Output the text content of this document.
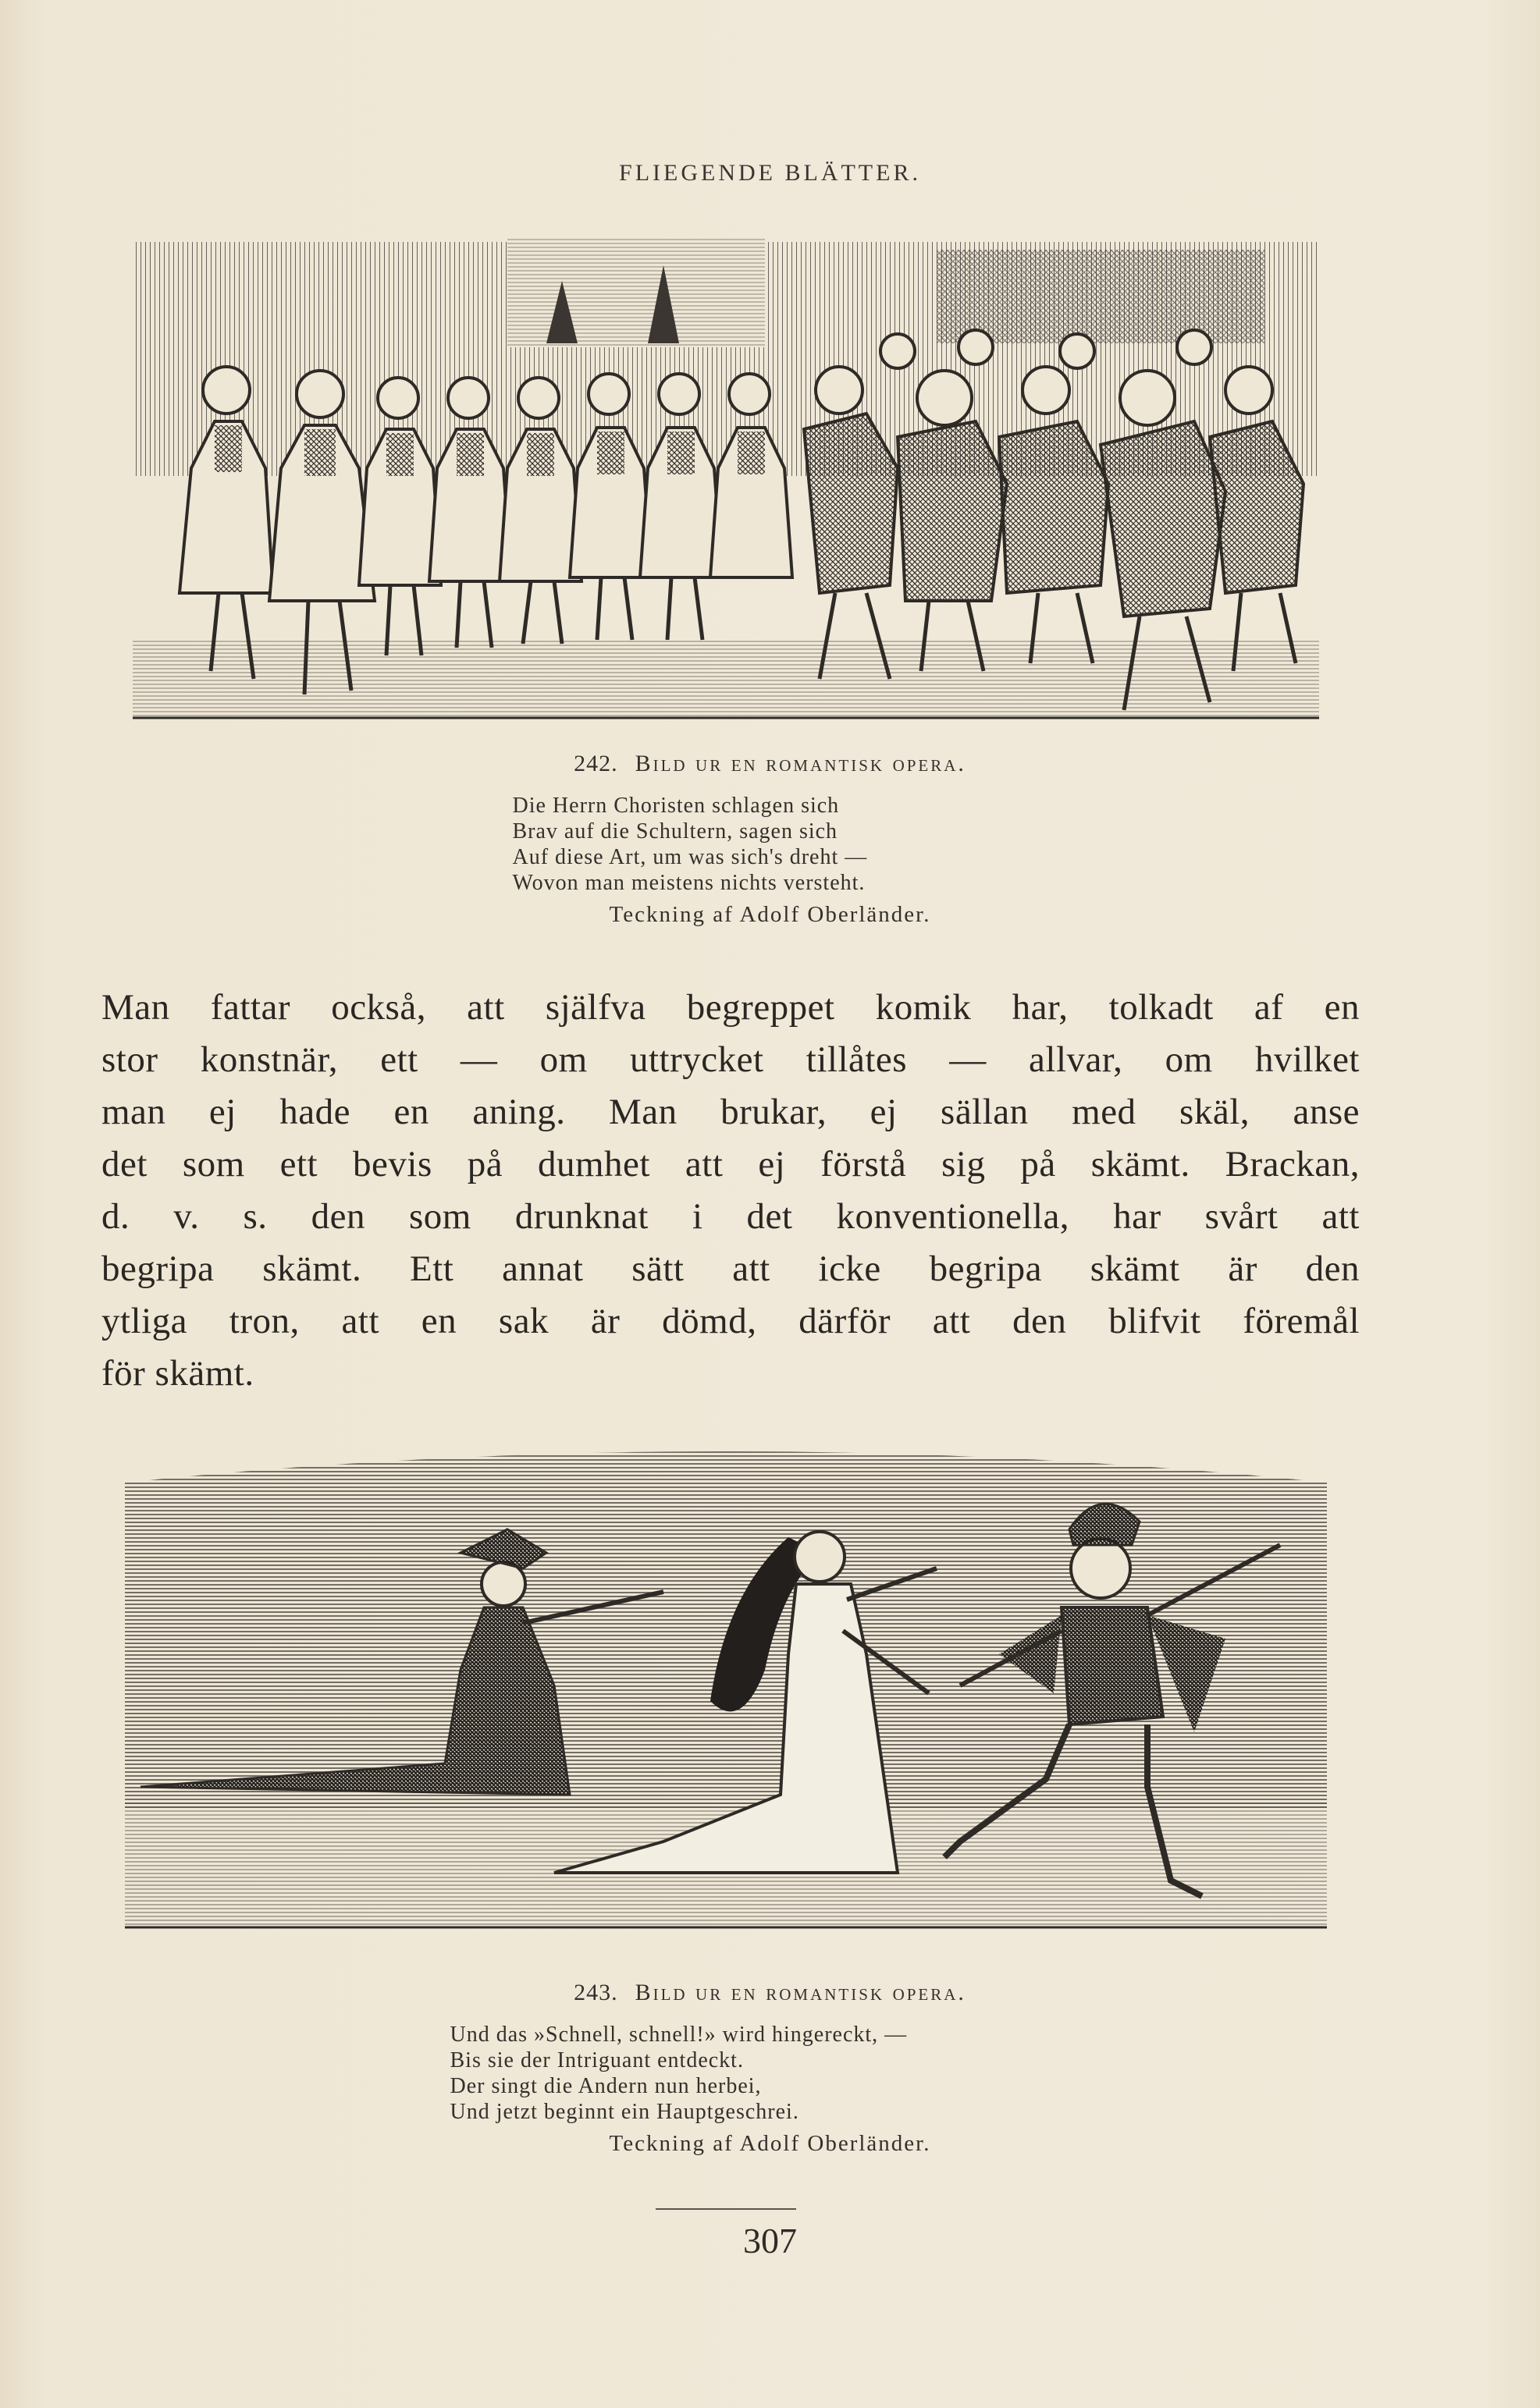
FLIEGENDE BLÄTTER.
242. Bild ur en romantisk opera.
Die Herrn Choristen schlagen sich
Brav auf die Schultern, sagen sich
Auf diese Art, um was sich's dreht —
Wovon man meistens nichts versteht.
Teckning af Adolf Oberländer.
Man fattar också, att själfva begreppet komik har, tolkadt af en
stor konstnär, ett — om uttrycket tillåtes — allvar, om hvilket
man ej hade en aning. Man brukar, ej sällan med skäl, anse
det som ett bevis på dumhet att ej förstå sig på skämt. Brackan,
d. v. s. den som drunknat i det konventionella, har svårt att
begripa skämt. Ett annat sätt att icke begripa skämt är den
ytliga tron, att en sak är dömd, därför att den blifvit föremål
för skämt.
243. Bild ur en romantisk opera.
Und das »Schnell, schnell!» wird hingereckt, —
Bis sie der Intriguant entdeckt.
Der singt die Andern nun herbei,
Und jetzt beginnt ein Hauptgeschrei.
Teckning af Adolf Oberländer.
307
